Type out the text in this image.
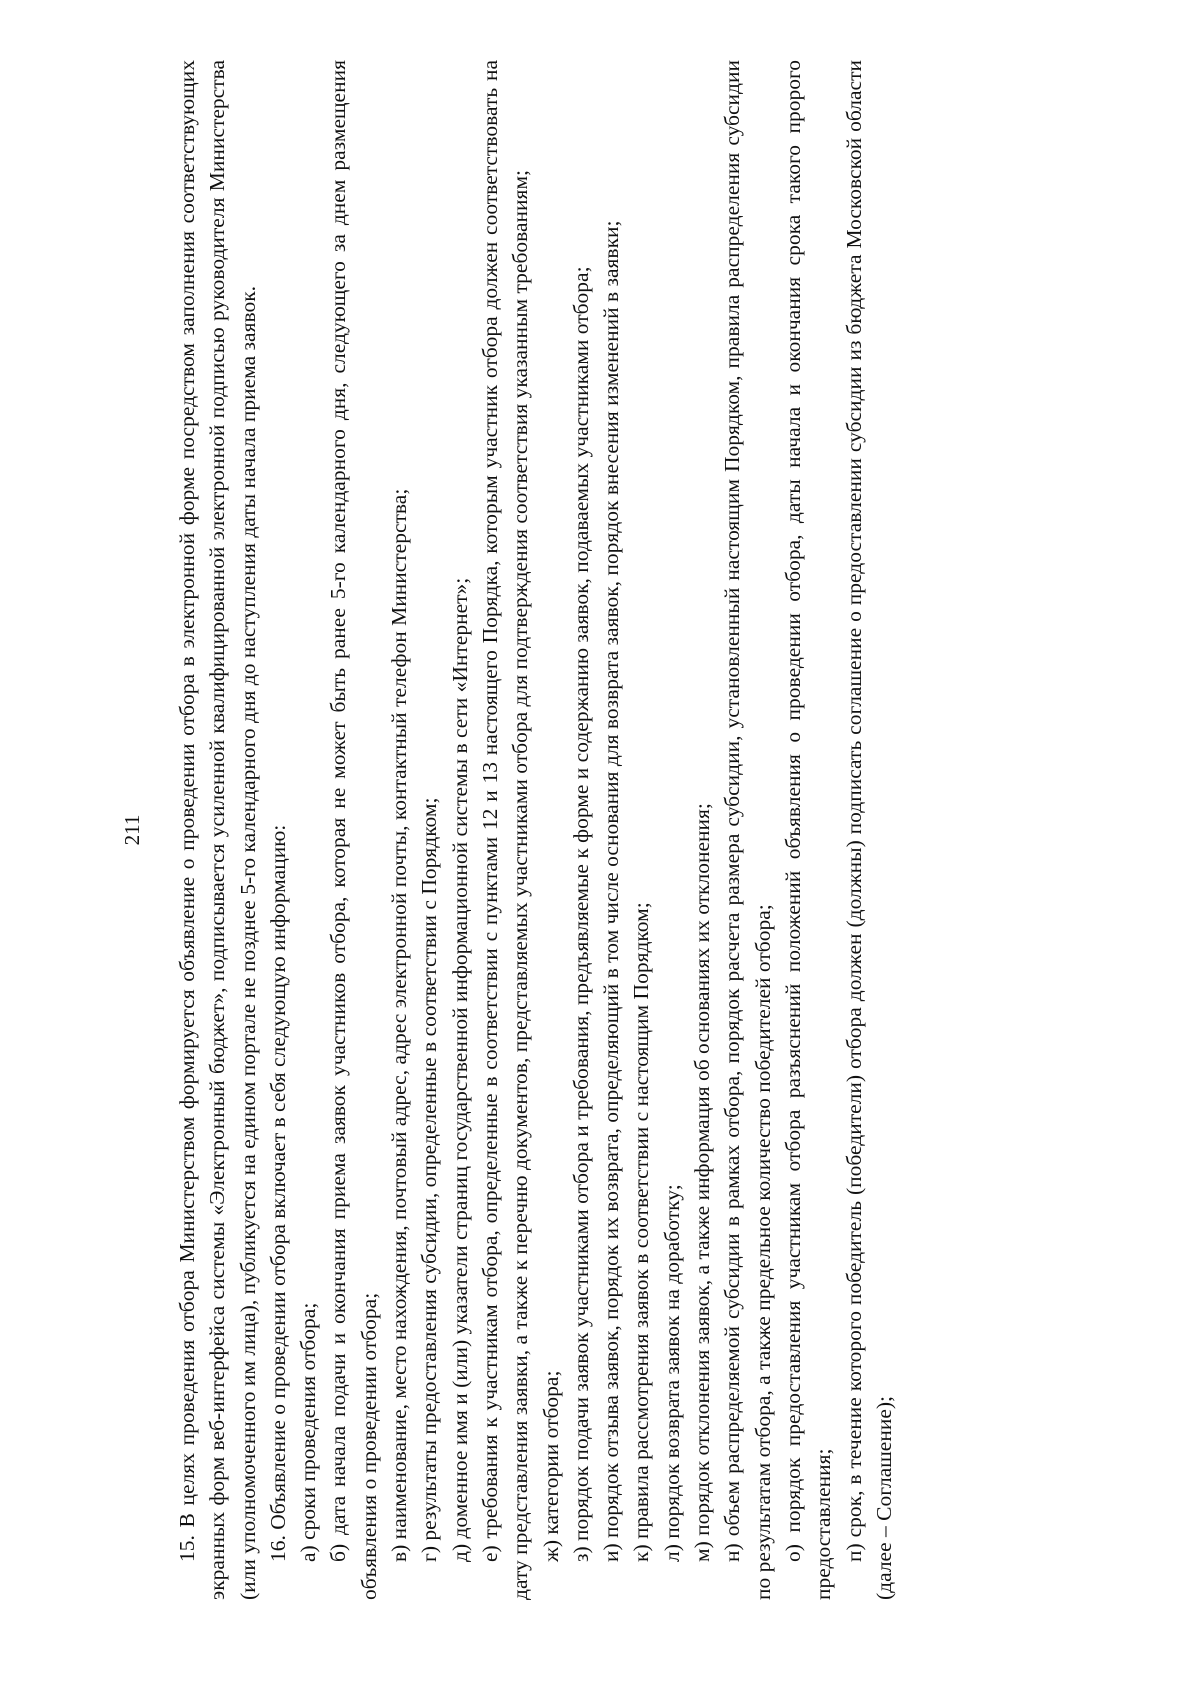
211 15. В целях проведения отбора Министерством формируется объявление о проведении отбора в электронной форме посредством заполнения соответствующих экранных форм веб-интерфейса системы «Электронный бюджет», подписывается усиленной квалифицированной электронной подписью руководителя Министерства (или уполномоченного им лица), публикуется на едином портале не позднее 5-го календарного дня до наступления даты начала приема заявок. 16. Объявление о проведении отбора включает в себя следующую информацию: а) сроки проведения отбора; б) дата начала подачи и окончания приема заявок участников отбора, которая не может быть ранее 5-го календарного дня, следующего за днем размещения объявления о проведении отбора; в) наименование, место нахождения, почтовый адрес, адрес электронной почты, контактный телефон Министерства; г) результаты предоставления субсидии, определенные в соответствии с Порядком; д) доменное имя и (или) указатели страниц государственной информационной системы в сети «Интернет»; е) требования к участникам отбора, определенные в соответствии с пунктами 12 и 13 настоящего Порядка, которым участник отбора должен соответствовать на дату представления заявки, а также к перечню документов, представляемых участниками отбора для подтверждения соответствия указанным требованиям; ж) категории отбора; з) порядок подачи заявок участниками отбора и требования, предъявляемые к форме и содержанию заявок, подаваемых участниками отбора; и) порядок отзыва заявок, порядок их возврата, определяющий в том числе основания для возврата заявок, порядок внесения изменений в заявки; к) правила рассмотрения заявок в соответствии с настоящим Порядком; л) порядок возврата заявок на доработку; м) порядок отклонения заявок, а также информация об основаниях их отклонения; н) объем распределяемой субсидии в рамках отбора, порядок расчета размера субсидии, установленный настоящим Порядком, правила распределения субсидии по результатам отбора, а также предельное количество победителей отбора; о) порядок предоставления участникам отбора разъяснений положений объявления о проведении отбора, даты начала и окончания срока такого пророго предоставления; п) срок, в течение которого победитель (победители) отбора должен (должны) подписать соглашение о предоставлении субсидии из бюджета Московской области (далее – Соглашение);
